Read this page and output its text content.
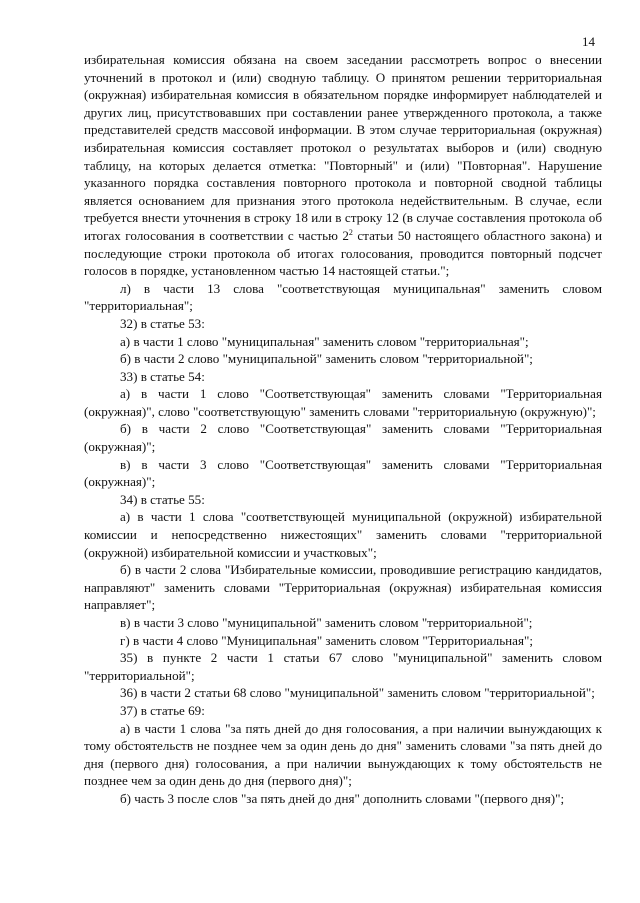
14

избирательная комиссия обязана на своем заседании рассмотреть вопрос о внесении уточнений в протокол и (или) сводную таблицу. О принятом решении территориальная (окружная) избирательная комиссия в обязательном порядке информирует наблюдателей и других лиц, присутствовавших при составлении ранее утвержденного протокола, а также представителей средств массовой информации. В этом случае территориальная (окружная) избирательная комиссия составляет протокол о результатах выборов и (или) сводную таблицу, на которых делается отметка: "Повторный" и (или) "Повторная". Нарушение указанного порядка составления повторного протокола и повторной сводной таблицы является основанием для признания этого протокола недействительным. В случае, если требуется внести уточнения в строку 18 или в строку 12 (в случае составления протокола об итогах голосования в соответствии с частью $2^2$ статьи 50 настоящего областного закона) и последующие строки протокола об итогах голосования, проводится повторный подсчет голосов в порядке, установленном частью 14 настоящей статьи.";

л) в части 13 слова "соответствующая муниципальная" заменить словом "территориальная";

32) в статье 53:

а) в части 1 слово "муниципальная" заменить словом "территориальная";

б) в части 2 слово "муниципальной" заменить словом "территориальной";

33) в статье 54:

а) в части 1 слово "Соответствующая" заменить словами "Территориальная (окружная)", слово "соответствующую" заменить словами "территориальную (окружную)";

б) в части 2 слово "Соответствующая" заменить словами "Территориальная (окружная)";

в) в части 3 слово "Соответствующая" заменить словами "Территориальная (окружная)";

34) в статье 55:

а) в части 1 слова "соответствующей муниципальной (окружной) избирательной комиссии и непосредственно нижестоящих" заменить словами "территориальной (окружной) избирательной комиссии и участковых";

б) в части 2 слова "Избирательные комиссии, проводившие регистрацию кандидатов, направляют" заменить словами "Территориальная (окружная) избирательная комиссия направляет";

в) в части 3 слово "муниципальной" заменить словом "территориальной";

г) в части 4 слово "Муниципальная" заменить словом "Территориальная";

35) в пункте 2 части 1 статьи 67 слово "муниципальной" заменить словом "территориальной";

36) в части 2 статьи 68 слово "муниципальной" заменить словом "территориальной";

37) в статье 69:

а) в части 1 слова "за пять дней до дня голосования, а при наличии вынуждающих к тому обстоятельств не позднее чем за один день до дня" заменить словами "за пять дней до дня (первого дня) голосования, а при наличии вынуждающих к тому обстоятельств не позднее чем за один день до дня (первого дня)";

б) часть 3 после слов "за пять дней до дня" дополнить словами "(первого дня)";
